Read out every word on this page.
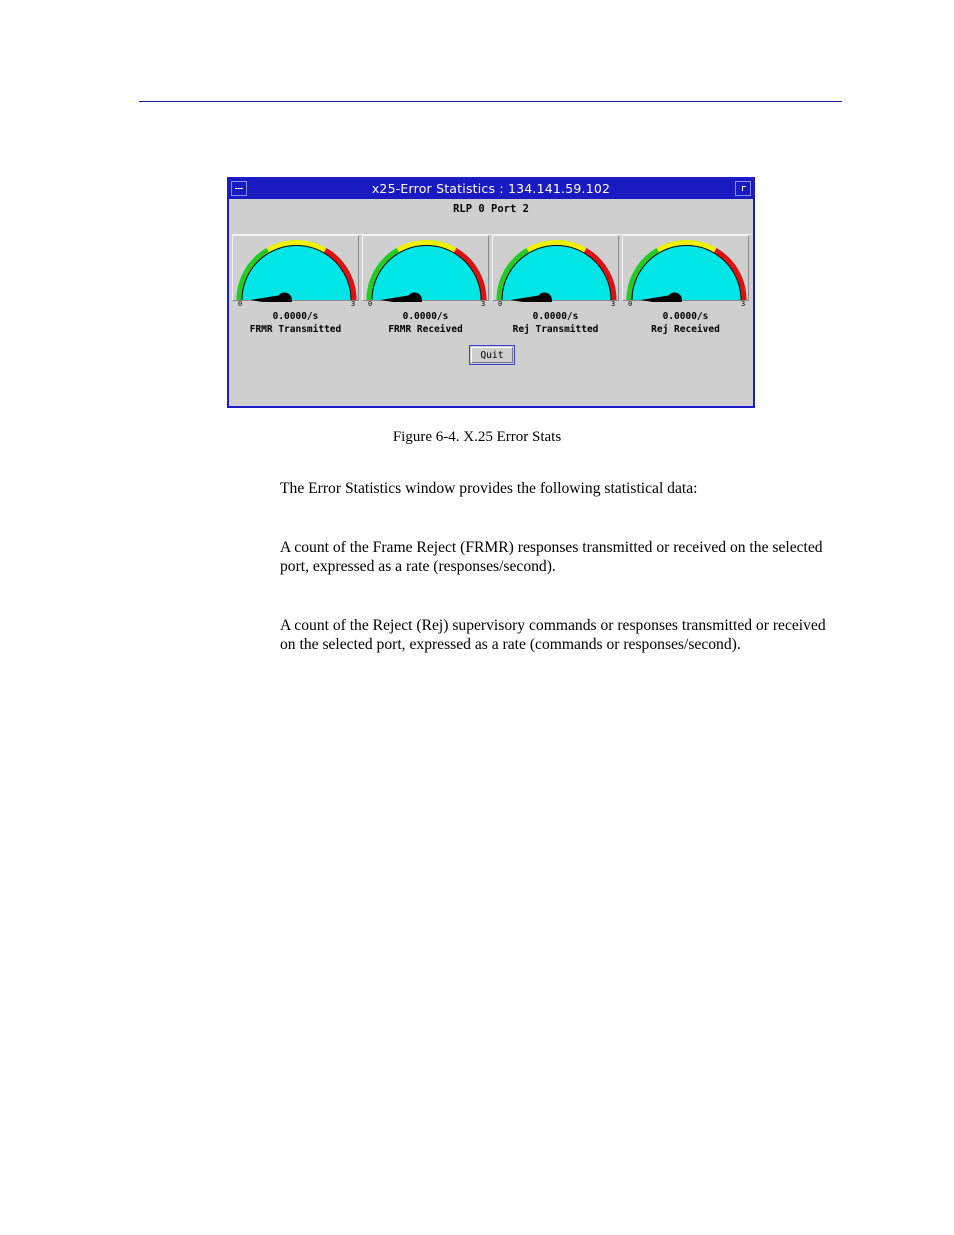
x25-Error Statistics : 134.141.59.102
RLP 0 Port 2
0	3 0	3 0	3 0	3
0.0000/s
FRMR Transmitted
0.0000/s
FRMR Received
0.0000/s
Rej Transmitted
0.0000/s
Rej Received
Quit
Figure 6-4. X.25 Error Stats
The Error Statistics window provides the following statistical data:
A count of the Frame Reject (FRMR) responses transmitted or received on the selected port, expressed as a rate (responses/second).
A count of the Reject (Rej) supervisory commands or responses transmitted or received on the selected port, expressed as a rate (commands or responses/second).
